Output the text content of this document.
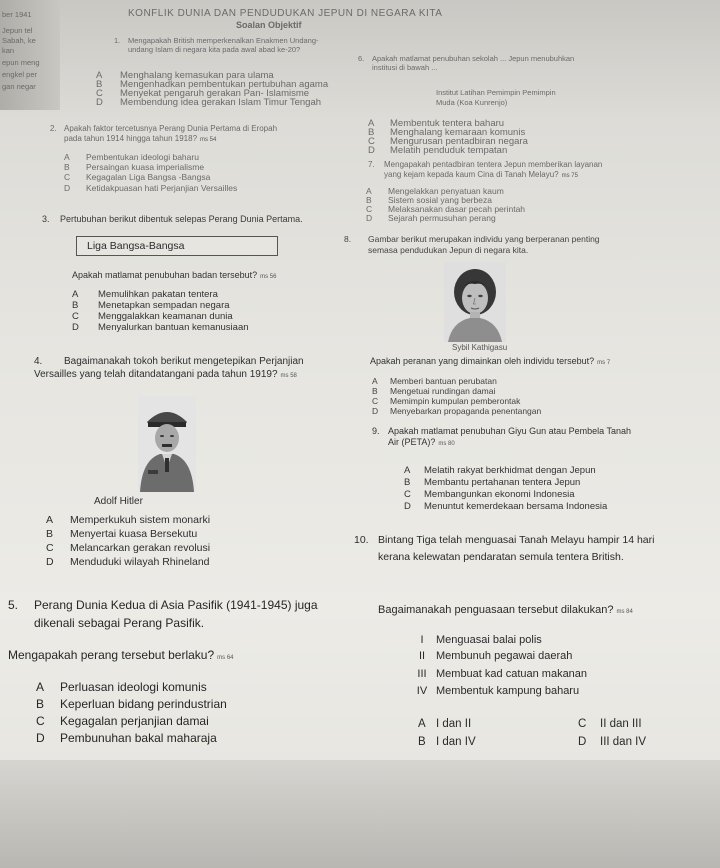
ber 1941
Jepun tel
Sabah, ke
kan
epun meng
engkel per
gan negar
KONFLIK DUNIA DAN PENDUDUKAN JEPUN DI NEGARA KITA
Soalan Objektif
1. Mengapakah British memperkenalkan Enakmen Undang-
undang Islam di negara kita pada awal abad ke-20?
A Menghalang kemasukan para ulama
B Mengenhadkan pembentukan pertubuhan agama
C Menyekat pengaruh gerakan Pan- Islamisme
D Membendung idea gerakan Islam Timur Tengah
6. Apakah matlamat penubuhan sekolah ... Jepun menubuhkan
institusi di bawah ...
Institut Latihan Pemimpin Pemimpin
Muda (Koa Kunrenjo)
A Membentuk tentera baharu
B Menghalang kemaraan komunis
C Mengurusan pentadbiran negara
D Melatih penduduk tempatan
2. Apakah faktor tercetusnya Perang Dunia Pertama di Eropah
pada tahun 1914 hingga tahun 1918? ms 54
A Pembentukan ideologi baharu
B Persaingan kuasa imperialisme
C Kegagalan Liga Bangsa -Bangsa
D Ketidakpuasan hati Perjanjian Versailles
7. Mengapakah pentadbiran tentera Jepun memberikan layanan
yang kejam kepada kaum Cina di Tanah Melayu? ms 75
A Mengelakkan penyatuan kaum
B Sistem sosial yang berbeza
C Melaksanakan dasar pecah perintah
D Sejarah permusuhan perang
3. Pertubuhan berikut dibentuk selepas Perang Dunia Pertama.
Liga Bangsa-Bangsa
Apakah matlamat penubuhan badan tersebut? ms 56
A Memulihkan pakatan tentera
B Menetapkan sempadan negara
C Menggalakkan keamanan dunia
D Menyalurkan bantuan kemanusiaan
8. Gambar berikut merupakan individu yang berperanan penting
semasa pendudukan Jepun di negara kita.
Sybil Kathigasu
Apakah peranan yang dimainkan oleh individu tersebut? ms 7
A Memberi bantuan perubatan
B Mengetuai rundingan damai
C Memimpin kumpulan pemberontak
D Menyebarkan propaganda penentangan
4. Bagaimanakah tokoh berikut mengetepikan Perjanjian
Versailles yang telah ditandatangani pada tahun 1919? ms 58
Adolf Hitler
A Memperkukuh sistem monarki
B Menyertai kuasa Bersekutu
C Melancarkan gerakan revolusi
D Menduduki wilayah Rhineland
9. Apakah matlamat penubuhan Giyu Gun atau Pembela Tanah
Air (PETA)? ms 80
A Melatih rakyat berkhidmat dengan Jepun
B Membantu pertahanan tentera Jepun
C Membangunkan ekonomi Indonesia
D Menuntut kemerdekaan bersama Indonesia
10. Bintang Tiga telah menguasai Tanah Melayu hampir 14 hari
kerana kelewatan pendaratan semula tentera British.
Bagaimanakah penguasaan tersebut dilakukan? ms 84
I	Menguasai balai polis
II Membunuh pegawai daerah
III Membuat kad catuan makanan
IV Membentuk kampung baharu
A I dan II
B I dan IV
C II dan III
D III dan IV
5. Perang Dunia Kedua di Asia Pasifik (1941-1945) juga
dikenali sebagai Perang Pasifik.
Mengapakah perang tersebut berlaku? ms 64
A Perluasan ideologi komunis
B Keperluan bidang perindustrian
C Kegagalan perjanjian damai
D Pembunuhan bakal maharaja
